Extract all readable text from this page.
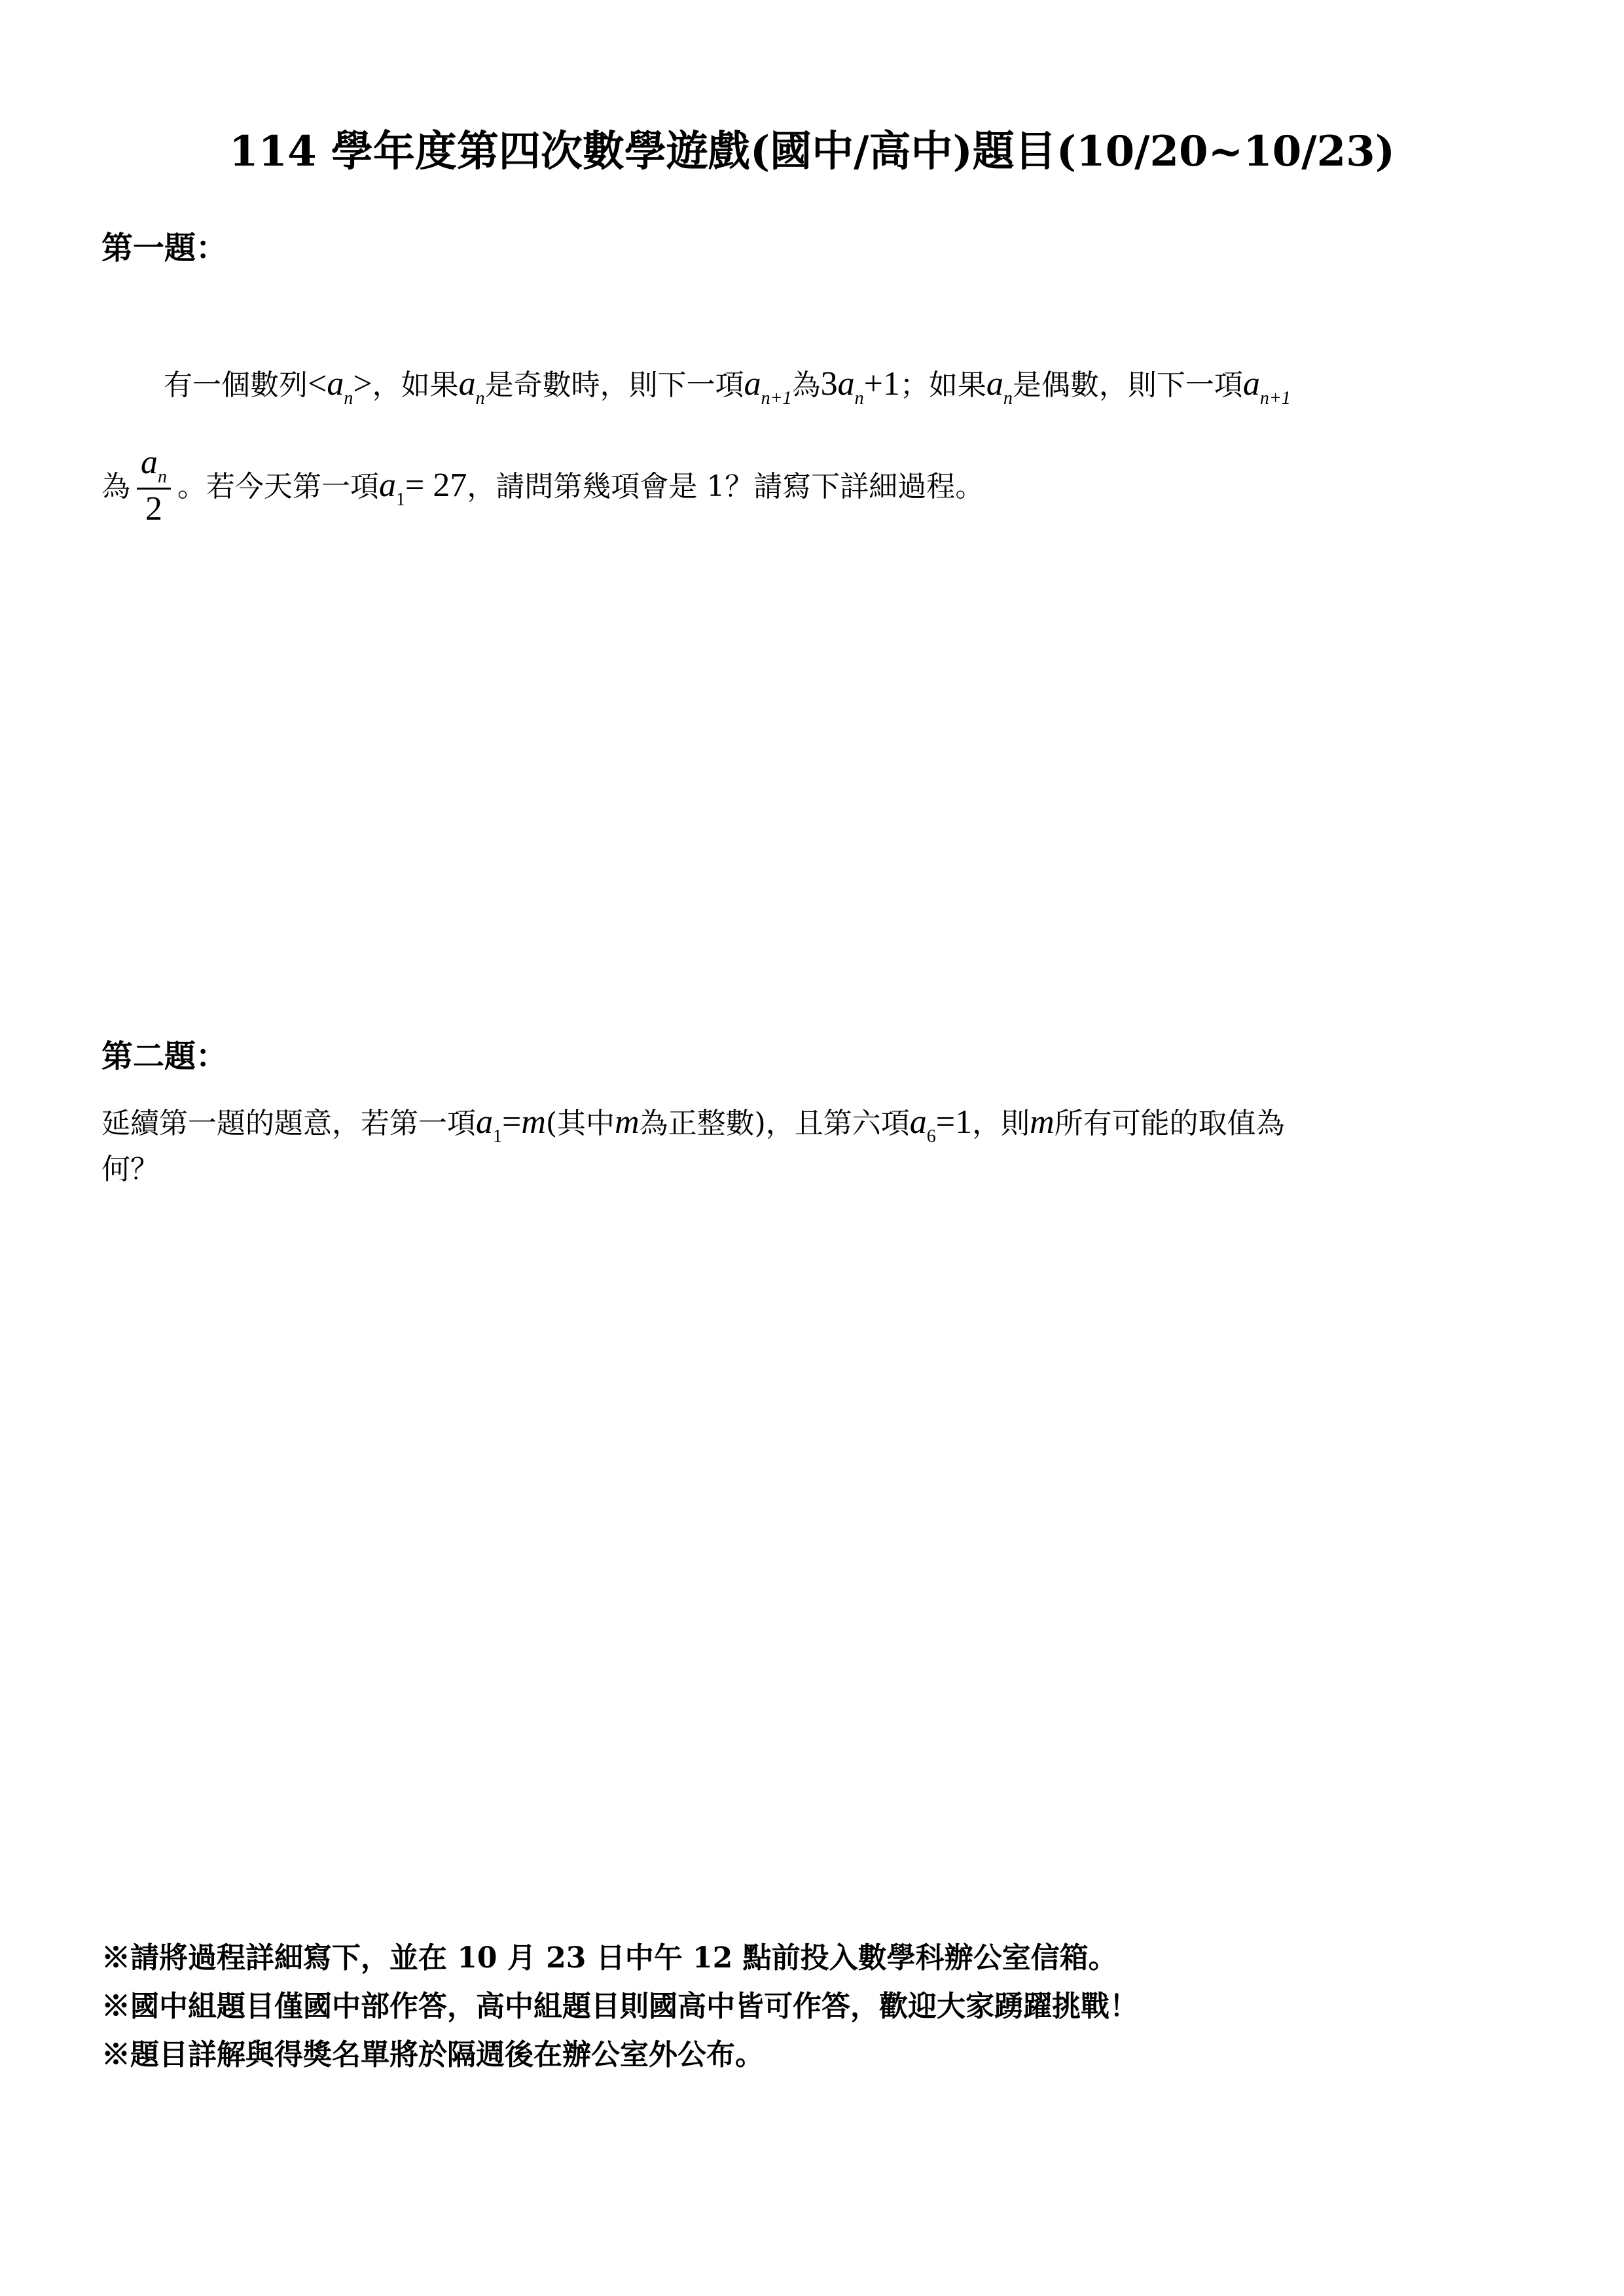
114 學年度第四次數學遊戲(國中/高中)題目(10/20~10/23)
第一題：
有一個數列$<a_n>$，如果$a_n$是奇數時，則下一項$a_{n+1}$為$3a_n+1$；如果$a_n$是偶數，則下一項$a_{n+1}$
為 $\frac{a_n}{2}$ 。若今天第一項$a_1= 27$，請問第幾項會是 1？請寫下詳細過程。
第二題：
延續第一題的題意，若第一項$a_1=m$(其中m為正整數)，且第六項$a_6=1$，則m所有可能的取值為
何？
※請將過程詳細寫下，並在 10 月 23 日中午 12 點前投入數學科辦公室信箱。
※國中組題目僅國中部作答，高中組題目則國高中皆可作答，歡迎大家踴躍挑戰！
※題目詳解與得獎名單將於隔週後在辦公室外公布。
